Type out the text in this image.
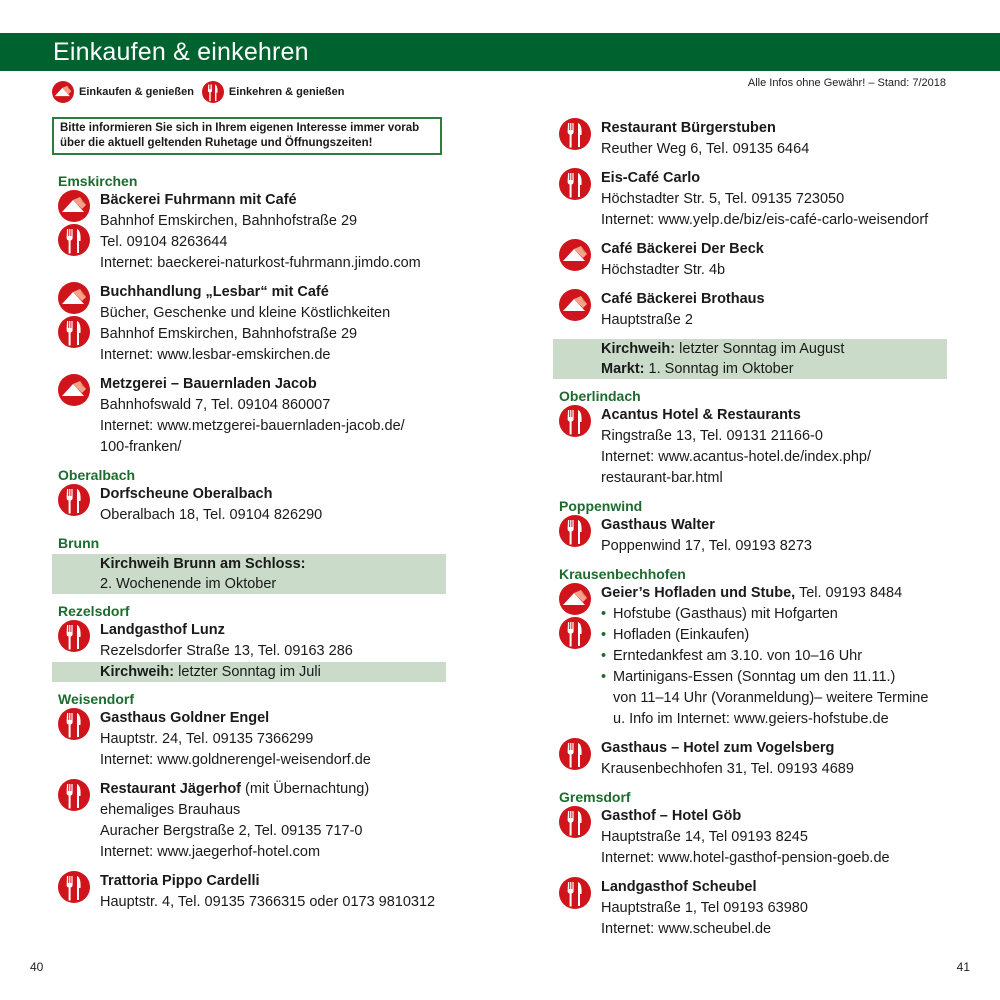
Einkaufen & einkehren
Einkaufen & genießen	Einkehren & genießen
Alle Infos ohne Gewähr! – Stand: 7/2018
Bitte informieren Sie sich in Ihrem eigenen Interesse immer vorab
über die aktuell geltenden Ruhetage und Öffnungszeiten!
Emskirchen
Bäckerei Fuhrmann mit Café
Bahnhof Emskirchen, Bahnhofstraße 29
Tel. 09104 8263644
Internet: baeckerei-naturkost-fuhrmann.jimdo.com
Buchhandlung „Lesbar“ mit Café
Bücher, Geschenke und kleine Köstlichkeiten
Bahnhof Emskirchen, Bahnhofstraße 29
Internet: www.lesbar-emskirchen.de
Metzgerei – Bauernladen Jacob
Bahnhofswald 7, Tel. 09104 860007
Internet: www.metzgerei-bauernladen-jacob.de/
100-franken/
Oberalbach
Dorfscheune Oberalbach
Oberalbach 18, Tel. 09104 826290
Brunn
Kirchweih Brunn am Schloss:
2. Wochenende im Oktober
Rezelsdorf
Landgasthof Lunz
Rezelsdorfer Straße 13, Tel. 09163 286
Kirchweih: letzter Sonntag im Juli
Weisendorf
Gasthaus Goldner Engel
Hauptstr. 24, Tel. 09135 7366299
Internet: www.goldnerengel-weisendorf.de
Restaurant Jägerhof (mit Übernachtung)
ehemaliges Brauhaus
Auracher Bergstraße 2, Tel. 09135 717-0
Internet: www.jaegerhof-hotel.com
Trattoria Pippo Cardelli
Hauptstr. 4, Tel. 09135 7366315 oder 0173 9810312
Restaurant Bürgerstuben
Reuther Weg 6, Tel. 09135 6464
Eis-Café Carlo
Höchstadter Str. 5, Tel. 09135 723050
Internet: www.yelp.de/biz/eis-café-carlo-weisendorf
Café Bäckerei Der Beck
Höchstadter Str. 4b
Café Bäckerei Brothaus
Hauptstraße 2
Kirchweih: letzter Sonntag im August
Markt: 1. Sonntag im Oktober
Oberlindach
Acantus Hotel & Restaurants
Ringstraße 13, Tel. 09131 21166-0
Internet: www.acantus-hotel.de/index.php/
restaurant-bar.html
Poppenwind
Gasthaus Walter
Poppenwind 17, Tel. 09193 8273
Krausenbechhofen
Geier’s Hofladen und Stube, Tel. 09193 8484
• Hofstube (Gasthaus) mit Hofgarten
• Hofladen (Einkaufen)
• Erntedankfest am 3.10. von 10–16 Uhr
• Martinigans-Essen (Sonntag um den 11.11.)
von 11–14 Uhr (Voranmeldung)– weitere Termine
u. Info im Internet: www.geiers-hofstube.de
Gasthaus – Hotel zum Vogelsberg
Krausenbechhofen 31, Tel. 09193 4689
Gremsdorf
Gasthof – Hotel Göb
Hauptstraße 14, Tel 09193 8245
Internet: www.hotel-gasthof-pension-goeb.de
Landgasthof Scheubel
Hauptstraße 1, Tel 09193 63980
Internet: www.scheubel.de
40	41
